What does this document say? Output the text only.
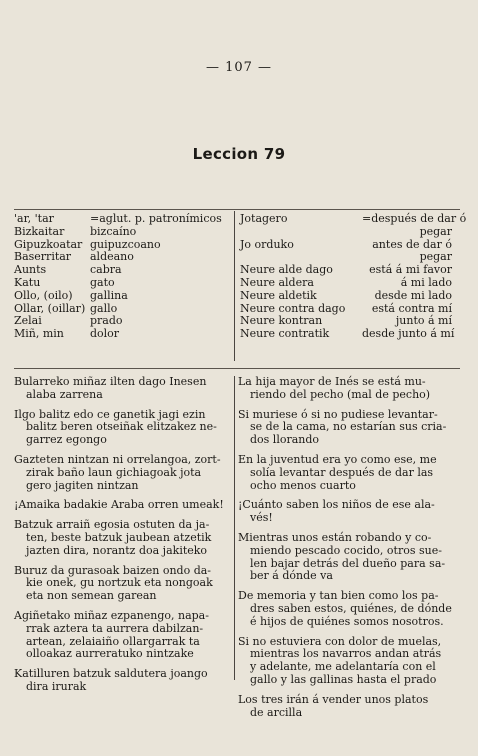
— 107 —
Leccion 79
'ar, 'tar	=aglut. p. patronímicos
Bizkaitar	bizcaíno
Gipuzkoatar guipuzcoano
Baserritar	aldeano
Aunts	cabra
Katu	gato
Ollo, (oilo)	gallina
Ollar, (oillar) gallo
Zelai	prado
Miñ, min	dolor
Jotagero	=después de dar ó
pegar
Jo orduko	antes de dar ó
pegar
Neure alde dago	está á mi favor
Neure aldera	á mi lado
Neure aldetik	desde mi lado
Neure contra dago	está contra mí
Neure kontran	junto á mí
Neure contratik	desde junto á mí
Bularreko miñaz ilten dago Inesen
alaba zarrena
Ilgo balitz edo ce ganetik jagi ezin
balitz beren otseiñak elitzakez ne-
garrez egongo
Gazteten nintzan ni orrelangoa, zort-
zirak baño laun gichiagoak jota
gero jagiten nintzan
¡Amaika badakie Araba orren umeak!
Batzuk arraiñ egosia ostuten da ja-
ten, beste batzuk jaubean atzetik
jazten dira, norantz doa jakiteko
Buruz da gurasoak baizen ondo da-
kie onek, gu nortzuk eta nongoak
eta non semean garean
Agiñetako miñaz ezpanengo, napa-
rrak aztera ta aurrera dabilzan-
artean, zelaiaiño ollargarrak ta
olloakaz aurreratuko nintzake
Katilluren batzuk saldutera joango
dira irurak
La hija mayor de Inés se está mu-
riendo del pecho (mal de pecho)
Si muriese ó si no pudiese levantar-
se de la cama, no estarían sus cria-
dos llorando
En la juventud era yo como ese, me
solía levantar después de dar las
ocho menos cuarto
¡Cuánto saben los niños de ese ala-
vés!
Mientras unos están robando y co-
miendo pescado cocido, otros sue-
len bajar detrás del dueño para sa-
ber á dónde va
De memoria y tan bien como los pa-
dres saben estos, quiénes, de dónde
é hijos de quiénes somos nosotros.
Si no estuviera con dolor de muelas,
mientras los navarros andan atrás
y adelante, me adelantaría con el
gallo y las gallinas hasta el prado
Los tres irán á vender unos platos
de arcilla
